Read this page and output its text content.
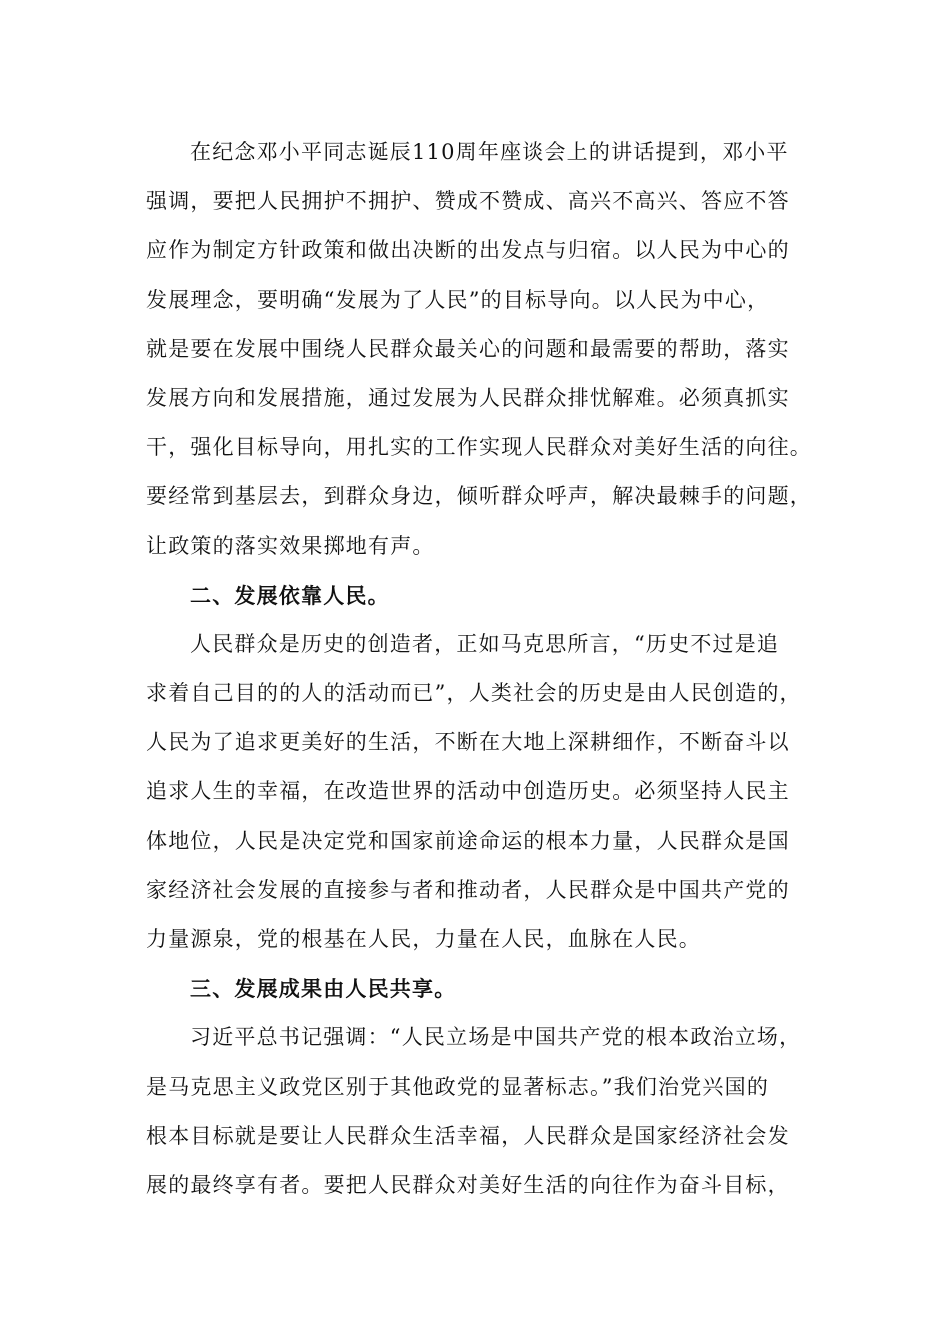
在纪念邓小平同志诞辰110周年座谈会上的讲话提到，邓小平
强调，要把人民拥护不拥护、赞成不赞成、高兴不高兴、答应不答
应作为制定方针政策和做出决断的出发点与归宿。以人民为中心的
发展理念，要明确“发展为了人民”的目标导向。以人民为中心，
就是要在发展中围绕人民群众最关心的问题和最需要的帮助，落实
发展方向和发展措施，通过发展为人民群众排忧解难。必须真抓实
干，强化目标导向，用扎实的工作实现人民群众对美好生活的向往。
要经常到基层去，到群众身边，倾听群众呼声，解决最棘手的问题，
让政策的落实效果掷地有声。
二、发展依靠人民。
人民群众是历史的创造者，正如马克思所言，“历史不过是追
求着自己目的的人的活动而已”，人类社会的历史是由人民创造的，
人民为了追求更美好的生活，不断在大地上深耕细作，不断奋斗以
追求人生的幸福，在改造世界的活动中创造历史。必须坚持人民主
体地位，人民是决定党和国家前途命运的根本力量，人民群众是国
家经济社会发展的直接参与者和推动者，人民群众是中国共产党的
力量源泉，党的根基在人民，力量在人民，血脉在人民。
三、发展成果由人民共享。
习近平总书记强调：“人民立场是中国共产党的根本政治立场，
是马克思主义政党区别于其他政党的显著标志。”我们治党兴国的
根本目标就是要让人民群众生活幸福，人民群众是国家经济社会发
展的最终享有者。要把人民群众对美好生活的向往作为奋斗目标，
